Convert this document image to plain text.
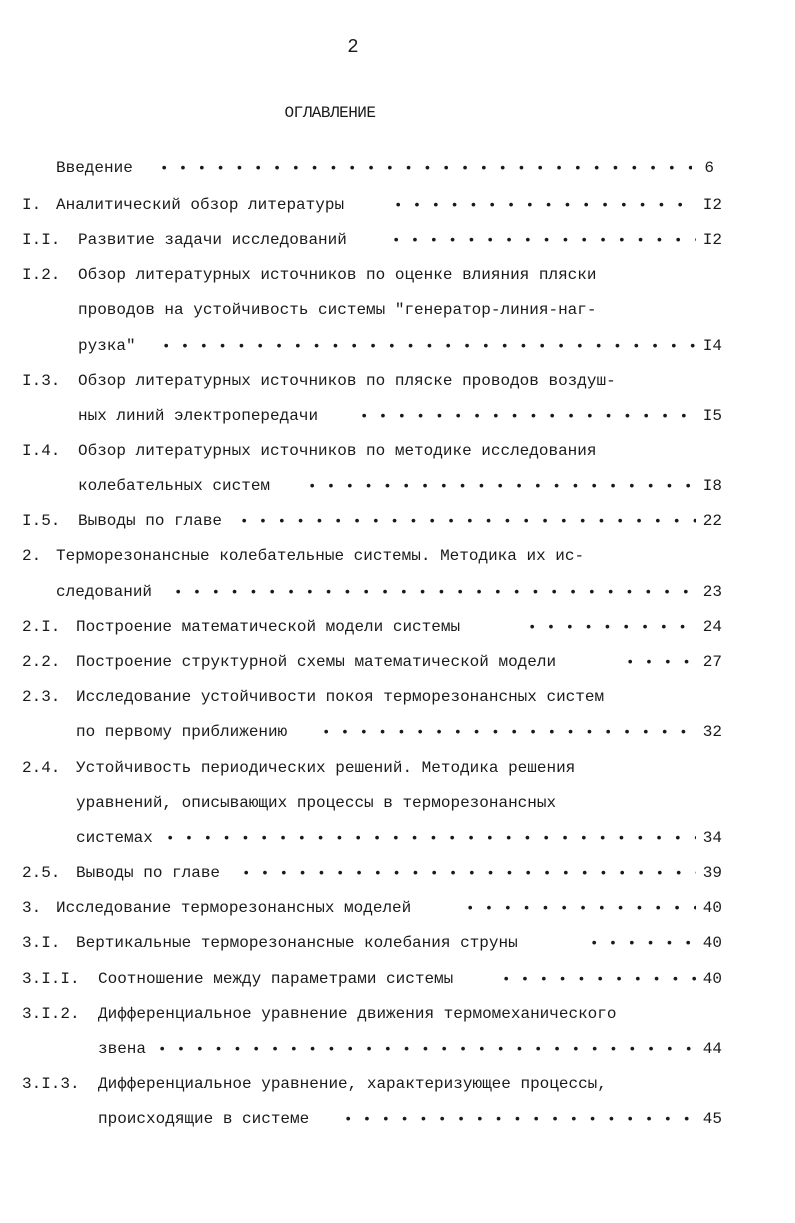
2
ОГЛАВЛЕНИЕ
Введение • • •	6
I. Аналитический обзор литературы • • •	I2
I.I. Развитие задачи исследований • • •	I2
I.2. Обзор литературных источников по оценке влияния пляски
проводов на устойчивость системы "генератор-линия-наг-
рузка" • • •	I4
I.3. Обзор литературных источников по пляске проводов воздуш-
ных линий электропередачи • • •	I5
I.4. Обзор литературных источников по методике исследования
колебательных систем • • •	I8
I.5. Выводы по главе • • •	22
2. Терморезонансные колебательные системы. Методика их ис-
следований • • •	23
2.I. Построение математической модели системы • • •	24
2.2. Построение структурной схемы математической модели • • •	27
2.3. Исследование устойчивости покоя терморезонансных систем
по первому приближению • • •	32
2.4. Устойчивость периодических решений. Методика решения
уравнений, описывающих процессы в терморезонансных
системах • • •	34
2.5. Выводы по главе • • •	39
3. Исследование терморезонансных моделей • • •	40
3.I. Вертикальные терморезонансные колебания струны • • •	40
3.I.I. Соотношение между параметрами системы • • •	40
3.I.2. Дифференциальное уравнение движения термомеханического
звена • • •	44
3.I.3. Дифференциальное уравнение, характеризующее процессы,
происходящие в системе • • •	45
